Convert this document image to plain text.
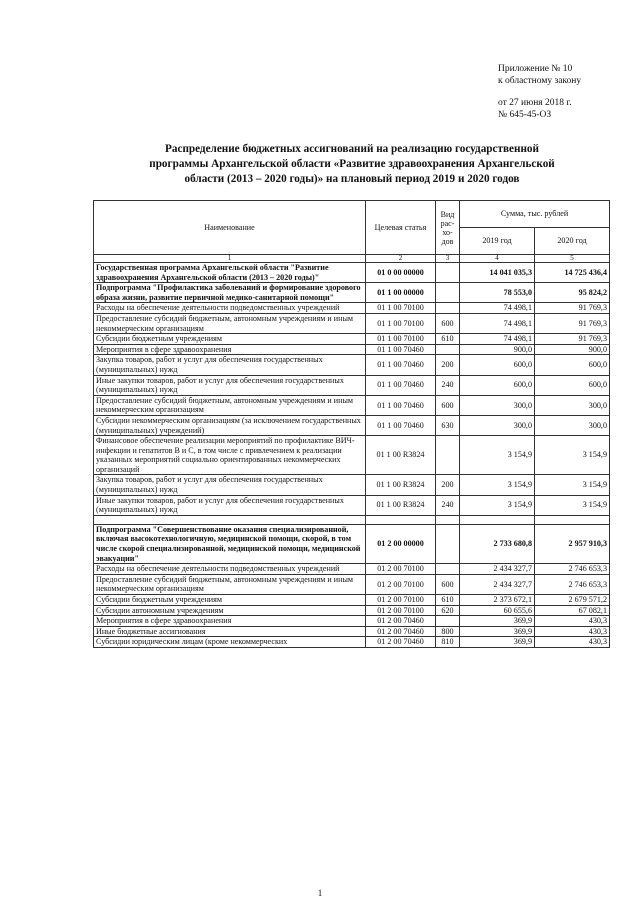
Приложение № 10
к областному закону
от 27 июня 2018 г.
№ 645-45-ОЗ
Распределение бюджетных ассигнований на реализацию государственной
программы Архангельской области «Развитие здравоохранения Архангельской
области (2013 – 2020 годы)» на плановый период 2019 и 2020 годов
Наименование	Целевая статья	Вид рас-хо-дов	Сумма, тыс. рублей	
			2019 год	2020 год
1	2	3	4	5
Государственная программа Архангельской области "Развитие здравоохранения Архангельской области (2013 – 2020 годы)"	01 0 00 00000		14 041 035,3	14 725 436,4
Подпрограмма "Профилактика заболеваний и формирование здорового образа жизни, развитие первичной медико-санитарной помощи"	01 1 00 00000		78 553,0	95 824,2
Расходы на обеспечение деятельности подведомственных учреждений	01 1 00 70100		74 498,1	91 769,3
Предоставление субсидий бюджетным, автономным учреждениям и иным некоммерческим организациям	01 1 00 70100	600	74 498,1	91 769,3
Субсидии бюджетным учреждениям	01 1 00 70100	610	74 498,1	91 769,3
Мероприятия в сфере здравоохранения	01 1 00 70460		900,0	900,0
Закупка товаров, работ и услуг для обеспечения государственных (муниципальных) нужд	01 1 00 70460	200	600,0	600,0
Иные закупки товаров, работ и услуг для обеспечения государственных (муниципальных) нужд	01 1 00 70460	240	600,0	600,0
Предоставление субсидий бюджетным, автономным учреждениям и иным некоммерческим организациям	01 1 00 70460	600	300,0	300,0
Субсидии некоммерческим организациям (за исключением государственных (муниципальных) учреждений)	01 1 00 70460	630	300,0	300,0
Финансовое обеспечение реализации мероприятий по профилактике ВИЧ-инфекции и гепатитов В и С, в том числе с привлечением к реализации указанных мероприятий социально ориентированных некоммерческих организаций	01 1 00 R3824		3 154,9	3 154,9
Закупка товаров, работ и услуг для обеспечения государственных (муниципальных) нужд	01 1 00 R3824	200	3 154,9	3 154,9
Иные закупки товаров, работ и услуг для обеспечения государственных (муниципальных) нужд	01 1 00 R3824	240	3 154,9	3 154,9

Подпрограмма "Совершенствование оказания специализированной, включая высокотехнологичную, медицинской помощи, скорой, в том числе скорой специализированной, медицинской помощи, медицинской эвакуации"	01 2 00 00000		2 733 680,8	2 957 910,3
Расходы на обеспечение деятельности подведомственных учреждений	01 2 00 70100		2 434 327,7	2 746 653,3
Предоставление субсидий бюджетным, автономным учреждениям и иным некоммерческим организациям	01 2 00 70100	600	2 434 327,7	2 746 653,3
Субсидии бюджетным учреждениям	01 2 00 70100	610	2 373 672,1	2 679 571,2
Субсидии автономным учреждениям	01 2 00 70100	620	60 655,6	67 082,1
Мероприятия в сфере здравоохранения	01 2 00 70460		369,9	430,3
Иные бюджетные ассигнования	01 2 00 70460	800	369,9	430,3
Субсидии юридическим лицам (кроме некоммерческих	01 2 00 70460	810	369,9	430,3
1
